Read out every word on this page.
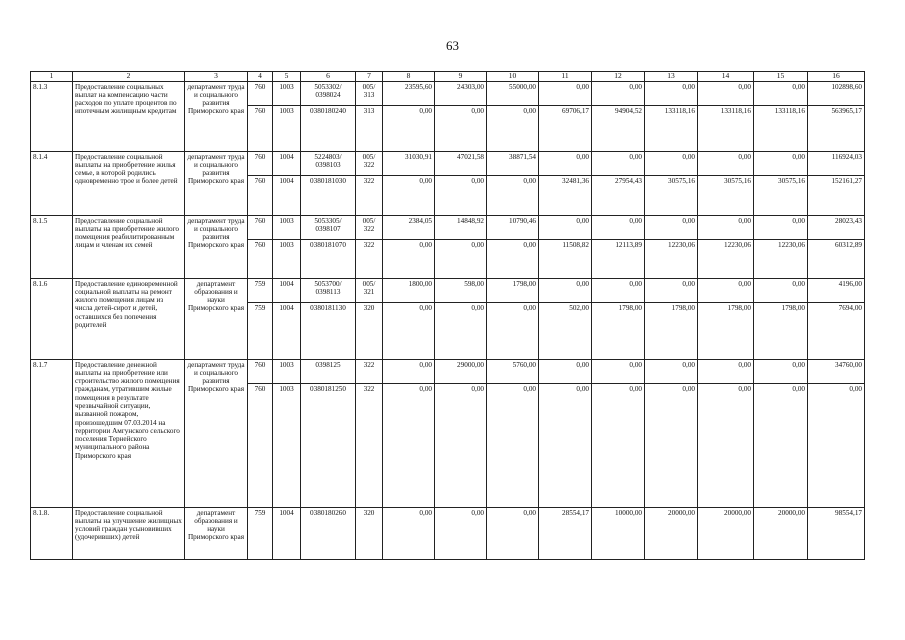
63
1	2	3	4	5	6	7	8	9	10	11	12	13	14	15	16
8.1.3	Предоставление социальных выплат на компенсацию части расходов по уплате процентов по ипотечным жилищным кредитам	департамент труда и социального развития Приморского края	760	1003	5053302/ 0398024	005/ 313	23595,60	24303,00	55000,00	0,00	0,00	0,00	0,00	0,00	102898,60
			760	1003	0380180240	313	0,00	0,00	0,00	69706,17	94904,52	133118,16	133118,16	133118,16	563965,17
8.1.4	Предоставление социальной выплаты на приобретение жилья семье, в которой родились одновременно трое и более детей	департамент труда и социального развития Приморского края	760	1004	5224803/ 0398103	005/ 322	31030,91	47021,58	38871,54	0,00	0,00	0,00	0,00	0,00	116924,03
			760	1004	0380181030	322	0,00	0,00	0,00	32481,36	27954,43	30575,16	30575,16	30575,16	152161,27
8.1.5	Предоставление социальной выплаты на приобретение жилого помещения реабилитированным лицам и членам их семей	департамент труда и социального развития Приморского края	760	1003	5053305/ 0398107	005/ 322	2384,05	14848,92	10790,46	0,00	0,00	0,00	0,00	0,00	28023,43
			760	1003	0380181070	322	0,00	0,00	0,00	11508,82	12113,89	12230,06	12230,06	12230,06	60312,89
8.1.6	Предоставление единовременной социальной выплаты на ремонт жилого помещения лицам из числа детей-сирот и детей, оставшихся без попечения родителей	департамент образования и науки Приморского края	759	1004	5053700/ 0398113	005/ 321	1800,00	598,00	1798,00	0,00	0,00	0,00	0,00	0,00	4196,00
			759	1004	0380181130	320	0,00	0,00	0,00	502,00	1798,00	1798,00	1798,00	1798,00	7694,00
8.1.7	Предоставление денежной выплаты на приобретение или строительство жилого помещения гражданам, утратившим жилые помещения в результате чрезвычайной ситуации, вызванной пожаром, произошедшим 07.03.2014 на территории Амгунского сельского поселения Тернейского муниципального района Приморского края	департамент труда и социального развития Приморского края	760	1003	0398125	322	0,00	29000,00	5760,00	0,00	0,00	0,00	0,00	0,00	34760,00
			760	1003	0380181250	322	0,00	0,00	0,00	0,00	0,00	0,00	0,00	0,00	0,00
8.1.8.	Предоставление социальной выплаты на улучшение жилищных условий граждан усыновивших (удочеривших) детей	департамент образования и науки Приморского края	759	1004	0380180260	320	0,00	0,00	0,00	28554,17	10000,00	20000,00	20000,00	20000,00	98554,17
